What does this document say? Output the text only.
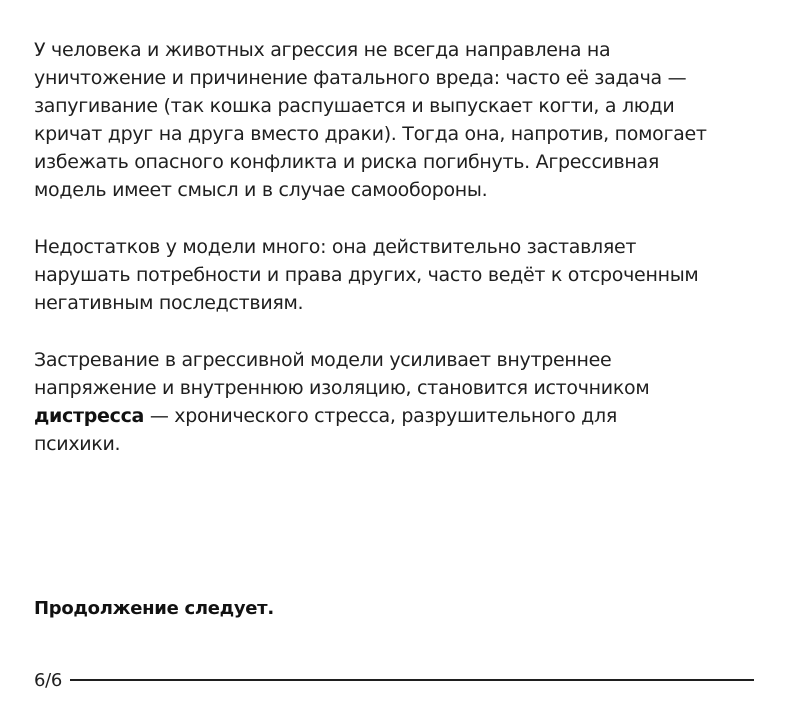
У человека и животных агрессия не всегда направлена на
уничтожение и причинение фатального вреда: часто её задача —
запугивание (так кошка распушается и выпускает когти, а люди
кричат друг на друга вместо драки). Тогда она, напротив, помогает
избежать опасного конфликта и риска погибнуть. Агрессивная
модель имеет смысл и в случае самообороны.

Недостатков у модели много: она действительно заставляет
нарушать потребности и права других, часто ведёт к отсроченным
негативным последствиям.

Застревание в агрессивной модели усиливает внутреннее
напряжение и внутреннюю изоляцию, становится источником
дистресса — хронического стресса, разрушительного для
психики.

Продолжение следует.

6/6
